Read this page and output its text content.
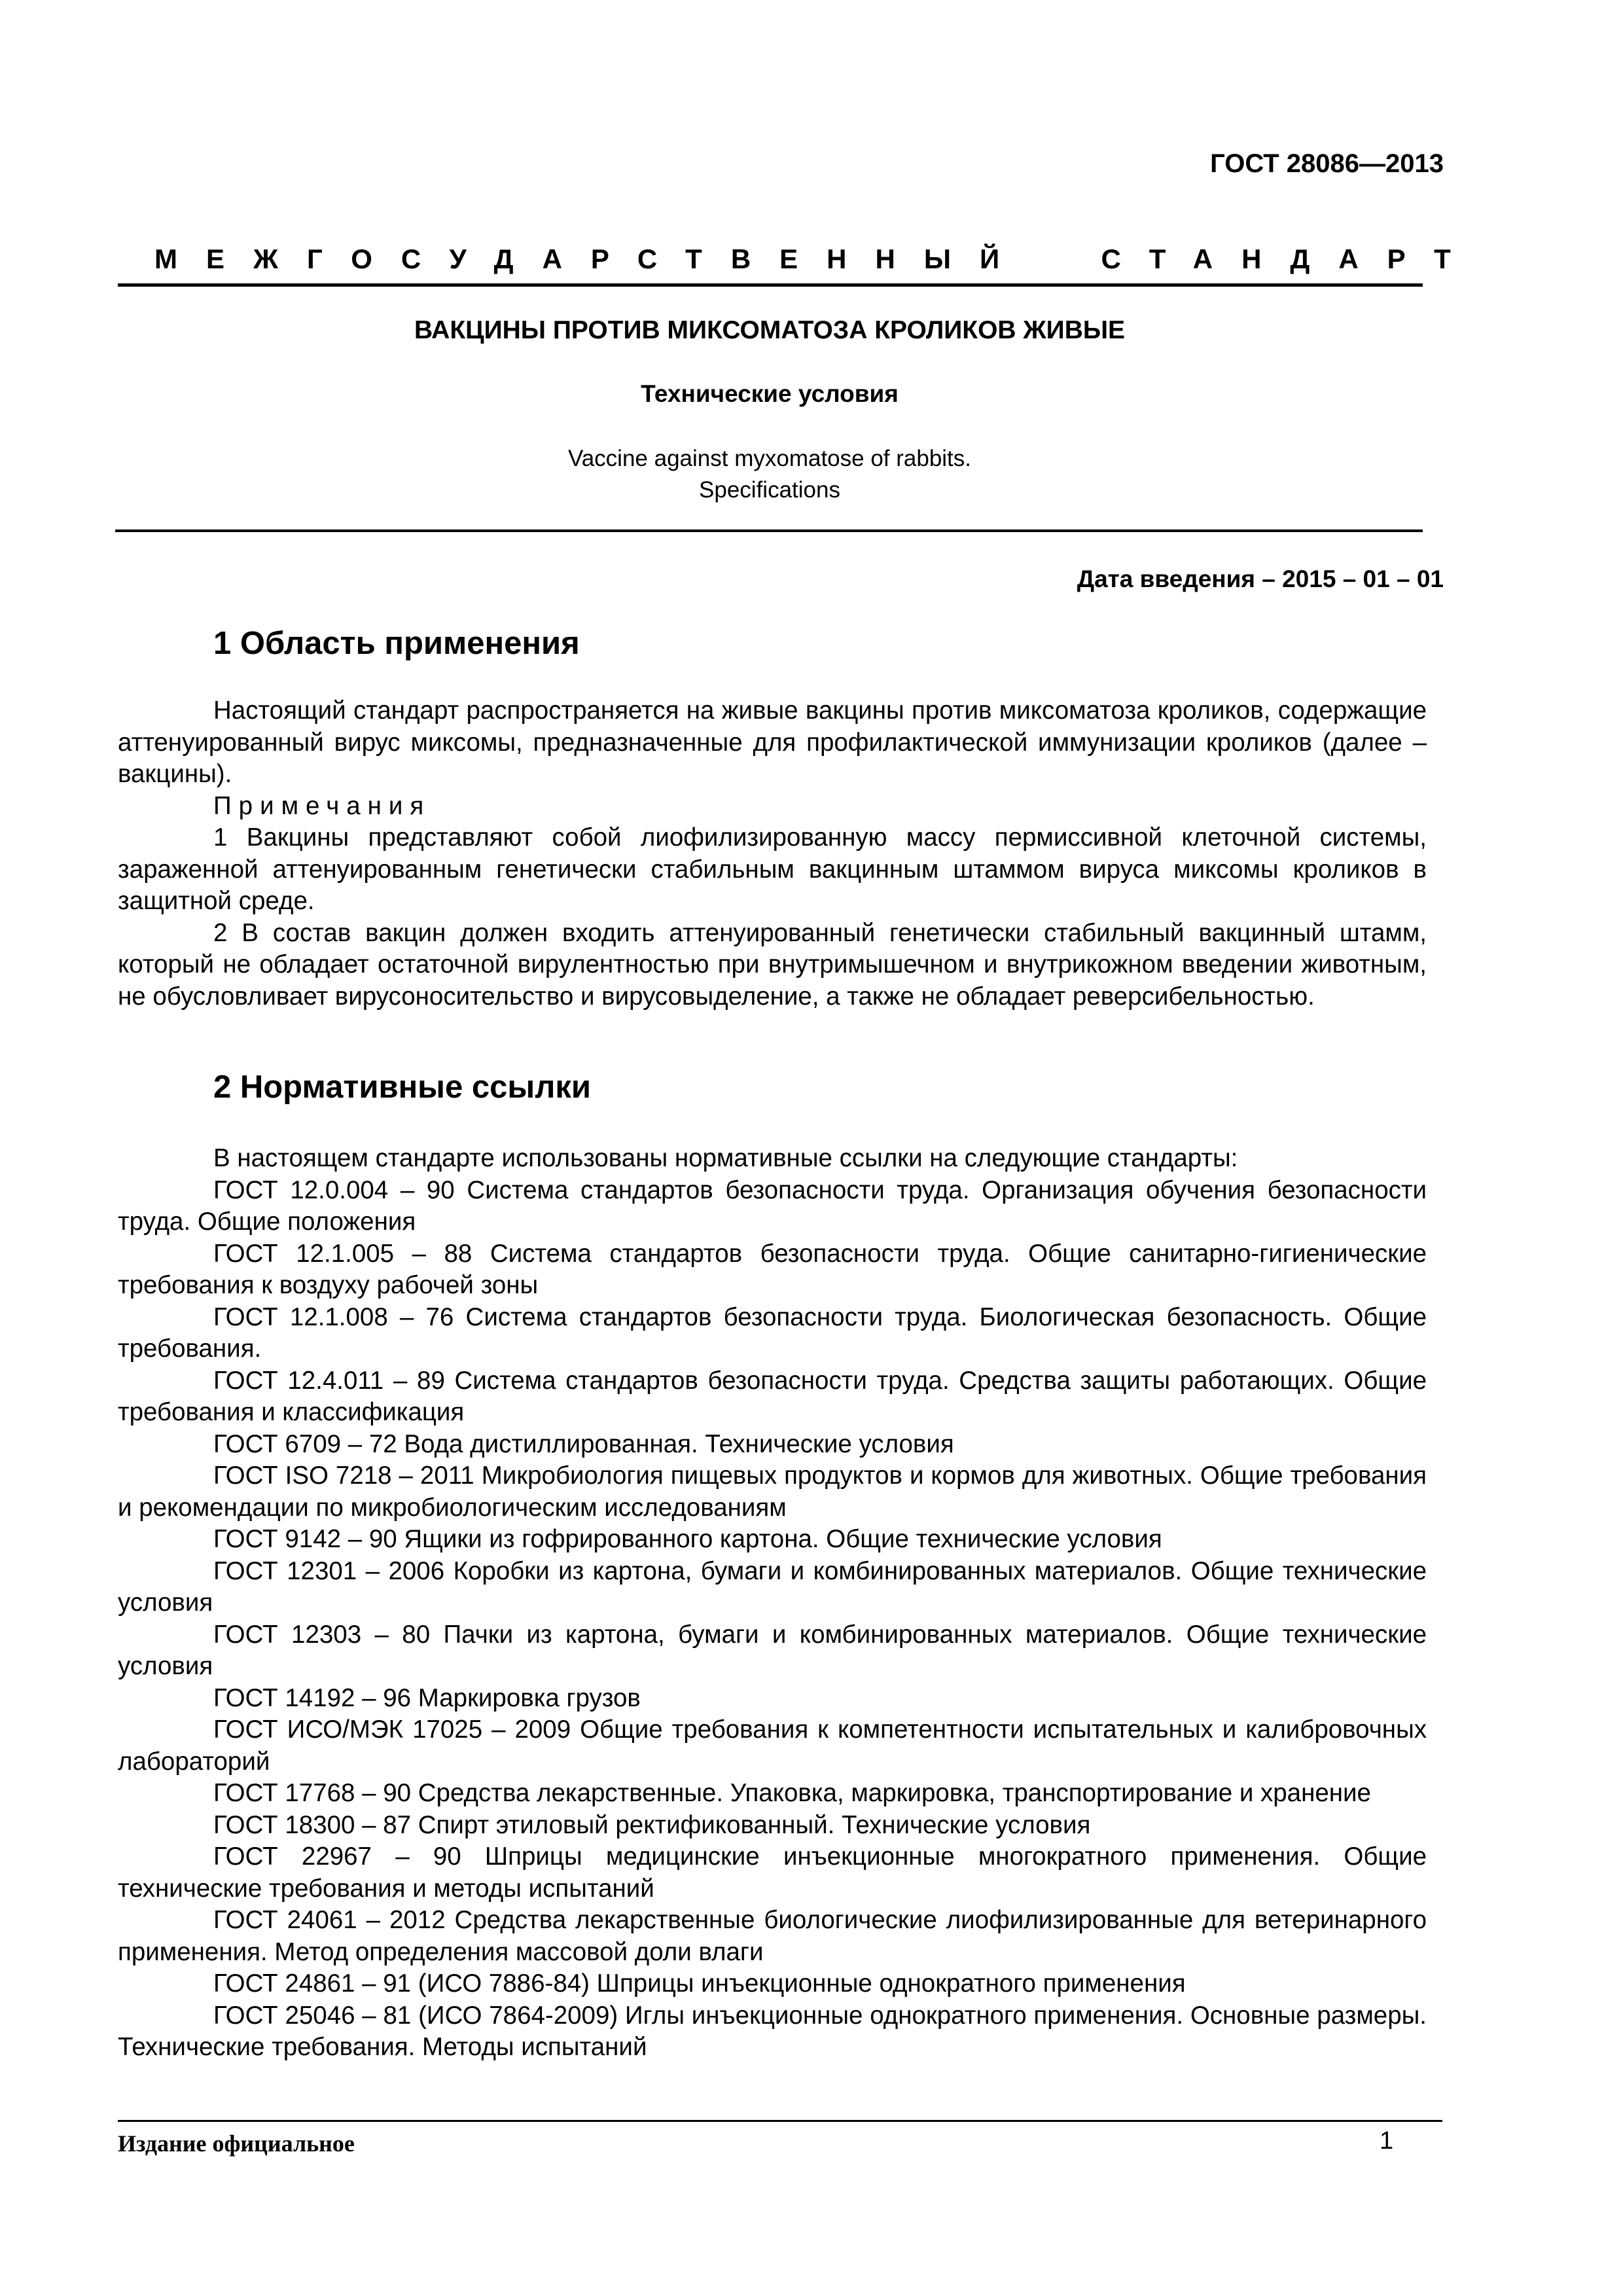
ГОСТ 28086—2013

МЕЖГОСУДАРСТВЕННЫЙ  СТАНДАРТ

ВАКЦИНЫ ПРОТИВ МИКСОМАТОЗА КРОЛИКОВ ЖИВЫЕ

Технические условия

Vaccine against myxomatose of rabbits.
Specifications

Дата введения – 2015 – 01 – 01

1 Область применения

Настоящий стандарт распространяется на живые вакцины против миксоматоза кроликов, содержащие аттенуированный вирус миксомы, предназначенные для профилактической иммунизации кроликов (далее – вакцины).

Примечания

1 Вакцины представляют собой лиофилизированную массу пермиссивной клеточной системы, зараженной аттенуированным генетически стабильным вакцинным штаммом вируса миксомы кроликов в защитной среде.

2 В состав вакцин должен входить аттенуированный генетически стабильный вакцинный штамм, который не обладает остаточной вирулентностью при внутримышечном и внутрикожном введении животным, не обусловливает вирусоносительство и вирусовыделение, а также не обладает реверсибельностью.

2 Нормативные ссылки

В настоящем стандарте использованы нормативные ссылки на следующие стандарты:

ГОСТ 12.0.004 – 90 Система стандартов безопасности труда. Организация обучения безопасности труда. Общие положения

ГОСТ 12.1.005 – 88 Система стандартов безопасности труда. Общие санитарно-гигиенические требования к воздуху рабочей зоны

ГОСТ 12.1.008 – 76 Система стандартов безопасности труда. Биологическая безопасность. Общие требования.

ГОСТ 12.4.011 – 89 Система стандартов безопасности труда. Средства защиты работающих. Общие требования и классификация

ГОСТ 6709 – 72 Вода дистиллированная. Технические условия

ГОСТ ISO 7218 – 2011 Микробиология пищевых продуктов и кормов для животных. Общие требования и рекомендации по микробиологическим исследованиям

ГОСТ 9142 – 90 Ящики из гофрированного картона. Общие технические условия

ГОСТ 12301 – 2006 Коробки из картона, бумаги и комбинированных материалов. Общие технические условия

ГОСТ 12303 – 80 Пачки из картона, бумаги и комбинированных материалов. Общие технические условия

ГОСТ 14192 – 96 Маркировка грузов

ГОСТ ИСО/МЭК 17025 – 2009 Общие требования к компетентности испытательных и калибровочных лабораторий

ГОСТ 17768 – 90 Средства лекарственные. Упаковка, маркировка, транспортирование и хранение

ГОСТ 18300 – 87 Спирт этиловый ректификованный. Технические условия

ГОСТ 22967 – 90 Шприцы медицинские инъекционные многократного применения. Общие технические требования и методы испытаний

ГОСТ 24061 – 2012 Средства лекарственные биологические лиофилизированные для ветеринарного применения. Метод определения массовой доли влаги

ГОСТ 24861 – 91 (ИСО 7886-84) Шприцы инъекционные однократного применения

ГОСТ 25046 – 81 (ИСО 7864-2009) Иглы инъекционные однократного применения. Основные размеры. Технические требования. Методы испытаний

Издание официальное	1
